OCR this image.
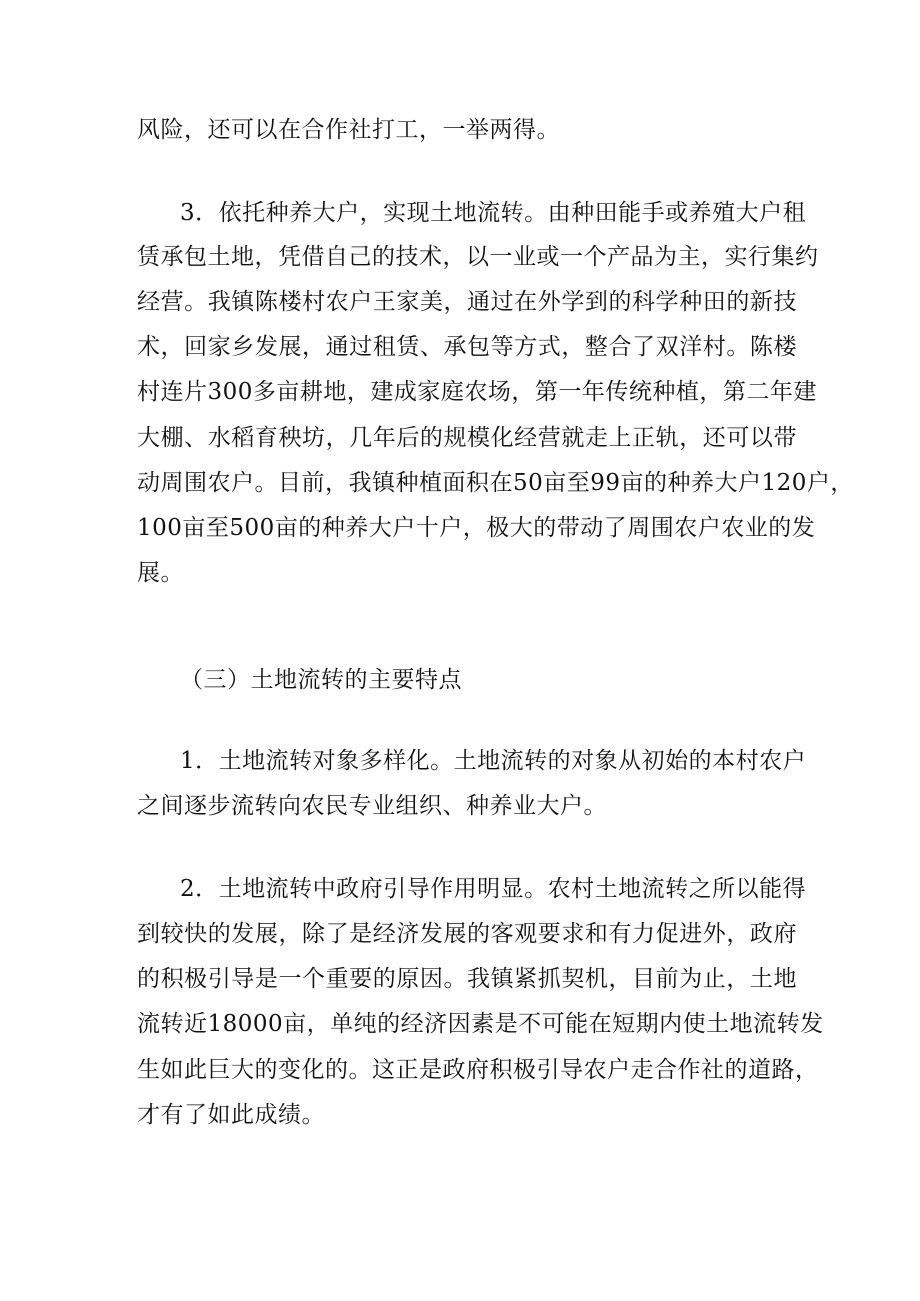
风险，还可以在合作社打工，一举两得。
3．依托种养大户，实现土地流转。由种田能手或养殖大户租
赁承包土地，凭借自己的技术，以一业或一个产品为主，实行集约
经营。我镇陈楼村农户王家美，通过在外学到的科学种田的新技
术，回家乡发展，通过租赁、承包等方式，整合了双洋村。陈楼
村连片300多亩耕地，建成家庭农场，第一年传统种植，第二年建
大棚、水稻育秧坊，几年后的规模化经营就走上正轨，还可以带
动周围农户。目前，我镇种植面积在50亩至99亩的种养大户120户，
100亩至500亩的种养大户十户，极大的带动了周围农户农业的发
展。
（三）土地流转的主要特点
1．土地流转对象多样化。土地流转的对象从初始的本村农户
之间逐步流转向农民专业组织、种养业大户。
2．土地流转中政府引导作用明显。农村土地流转之所以能得
到较快的发展，除了是经济发展的客观要求和有力促进外，政府
的积极引导是一个重要的原因。我镇紧抓契机，目前为止，土地
流转近18000亩，单纯的经济因素是不可能在短期内使土地流转发
生如此巨大的变化的。这正是政府积极引导农户走合作社的道路，
才有了如此成绩。
